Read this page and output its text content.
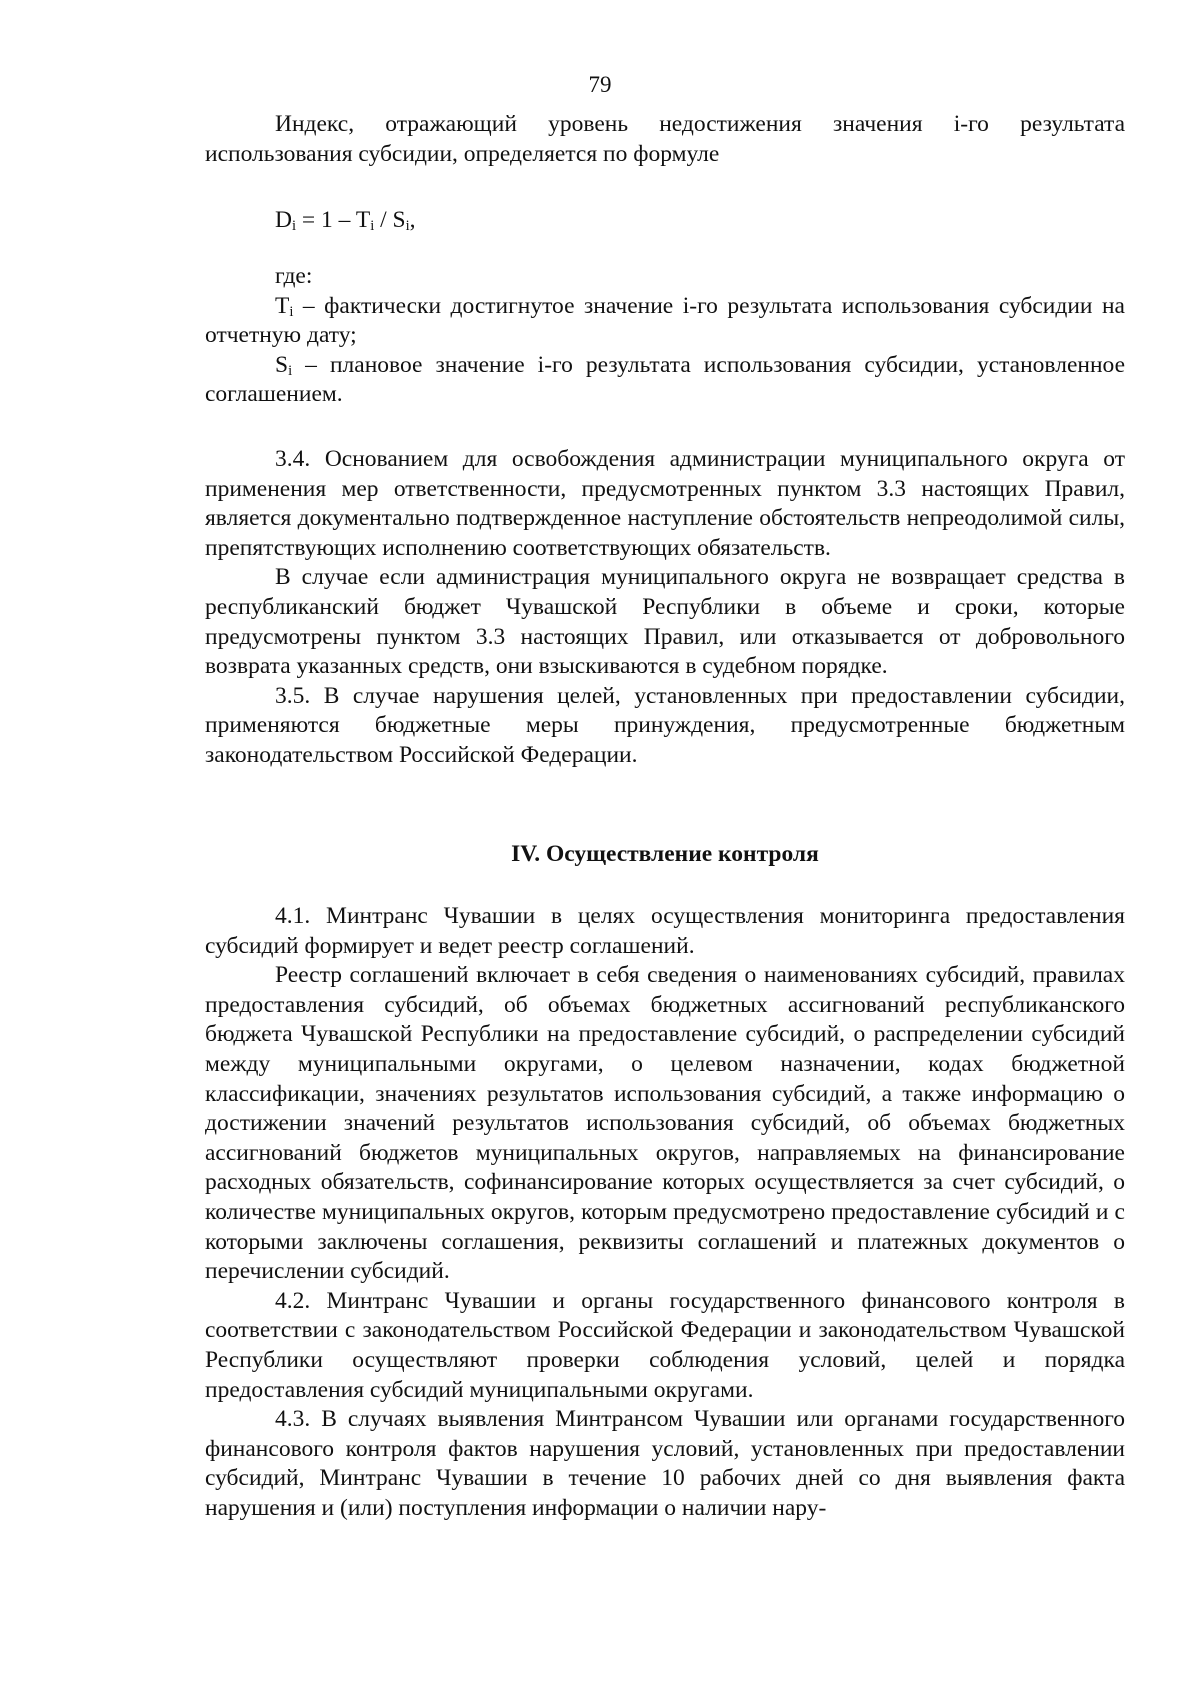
79

Индекс, отражающий уровень недостижения значения i-го результата использования субсидии, определяется по формуле

$D_i = 1 - T_i / S_i$,

где:

$T_i$ – фактически достигнутое значение i-го результата использования субсидии на отчетную дату;

$S_i$ – плановое значение i-го результата использования субсидии, установленное соглашением.

3.4. Основанием для освобождения администрации муниципального округа от применения мер ответственности, предусмотренных пунктом 3.3 настоящих Правил, является документально подтвержденное наступление обстоятельств непреодолимой силы, препятствующих исполнению соответствующих обязательств.

В случае если администрация муниципального округа не возвращает средства в республиканский бюджет Чувашской Республики в объеме и сроки, которые предусмотрены пунктом 3.3 настоящих Правил, или отказывается от добровольного возврата указанных средств, они взыскиваются в судебном порядке.

3.5. В случае нарушения целей, установленных при предоставлении субсидии, применяются бюджетные меры принуждения, предусмотренные бюджетным законодательством Российской Федерации.

IV. Осуществление контроля

4.1. Минтранс Чувашии в целях осуществления мониторинга предоставления субсидий формирует и ведет реестр соглашений.

Реестр соглашений включает в себя сведения о наименованиях субсидий, правилах предоставления субсидий, об объемах бюджетных ассигнований республиканского бюджета Чувашской Республики на предоставление субсидий, о распределении субсидий между муниципальными округами, о целевом назначении, кодах бюджетной классификации, значениях результатов использования субсидий, а также информацию о достижении значений результатов использования субсидий, об объемах бюджетных ассигнований бюджетов муниципальных округов, направляемых на финансирование расходных обязательств, софинансирование которых осуществляется за счет субсидий, о количестве муниципальных округов, которым предусмотрено предоставление субсидий и с которыми заключены соглашения, реквизиты соглашений и платежных документов о перечислении субсидий.

4.2. Минтранс Чувашии и органы государственного финансового контроля в соответствии с законодательством Российской Федерации и законодательством Чувашской Республики осуществляют проверки соблюдения условий, целей и порядка предоставления субсидий муниципальными округами.

4.3. В случаях выявления Минтрансом Чувашии или органами государственного финансового контроля фактов нарушения условий, установленных при предоставлении субсидий, Минтранс Чувашии в течение 10 рабочих дней со дня выявления факта нарушения и (или) поступления информации о наличии нару-
